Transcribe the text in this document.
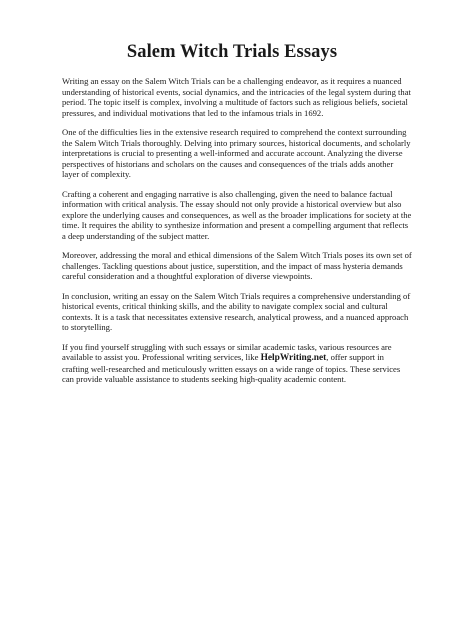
Salem Witch Trials Essays

Writing an essay on the Salem Witch Trials can be a challenging endeavor, as it requires a nuanced understanding of historical events, social dynamics, and the intricacies of the legal system during that period. The topic itself is complex, involving a multitude of factors such as religious beliefs, societal pressures, and individual motivations that led to the infamous trials in 1692.

One of the difficulties lies in the extensive research required to comprehend the context surrounding the Salem Witch Trials thoroughly. Delving into primary sources, historical documents, and scholarly interpretations is crucial to presenting a well-informed and accurate account. Analyzing the diverse perspectives of historians and scholars on the causes and consequences of the trials adds another layer of complexity.

Crafting a coherent and engaging narrative is also challenging, given the need to balance factual information with critical analysis. The essay should not only provide a historical overview but also explore the underlying causes and consequences, as well as the broader implications for society at the time. It requires the ability to synthesize information and present a compelling argument that reflects a deep understanding of the subject matter.

Moreover, addressing the moral and ethical dimensions of the Salem Witch Trials poses its own set of challenges. Tackling questions about justice, superstition, and the impact of mass hysteria demands careful consideration and a thoughtful exploration of diverse viewpoints.

In conclusion, writing an essay on the Salem Witch Trials requires a comprehensive understanding of historical events, critical thinking skills, and the ability to navigate complex social and cultural contexts. It is a task that necessitates extensive research, analytical prowess, and a nuanced approach to storytelling.

If you find yourself struggling with such essays or similar academic tasks, various resources are available to assist you. Professional writing services, like HelpWriting.net, offer support in crafting well-researched and meticulously written essays on a wide range of topics. These services can provide valuable assistance to students seeking high-quality academic content.
